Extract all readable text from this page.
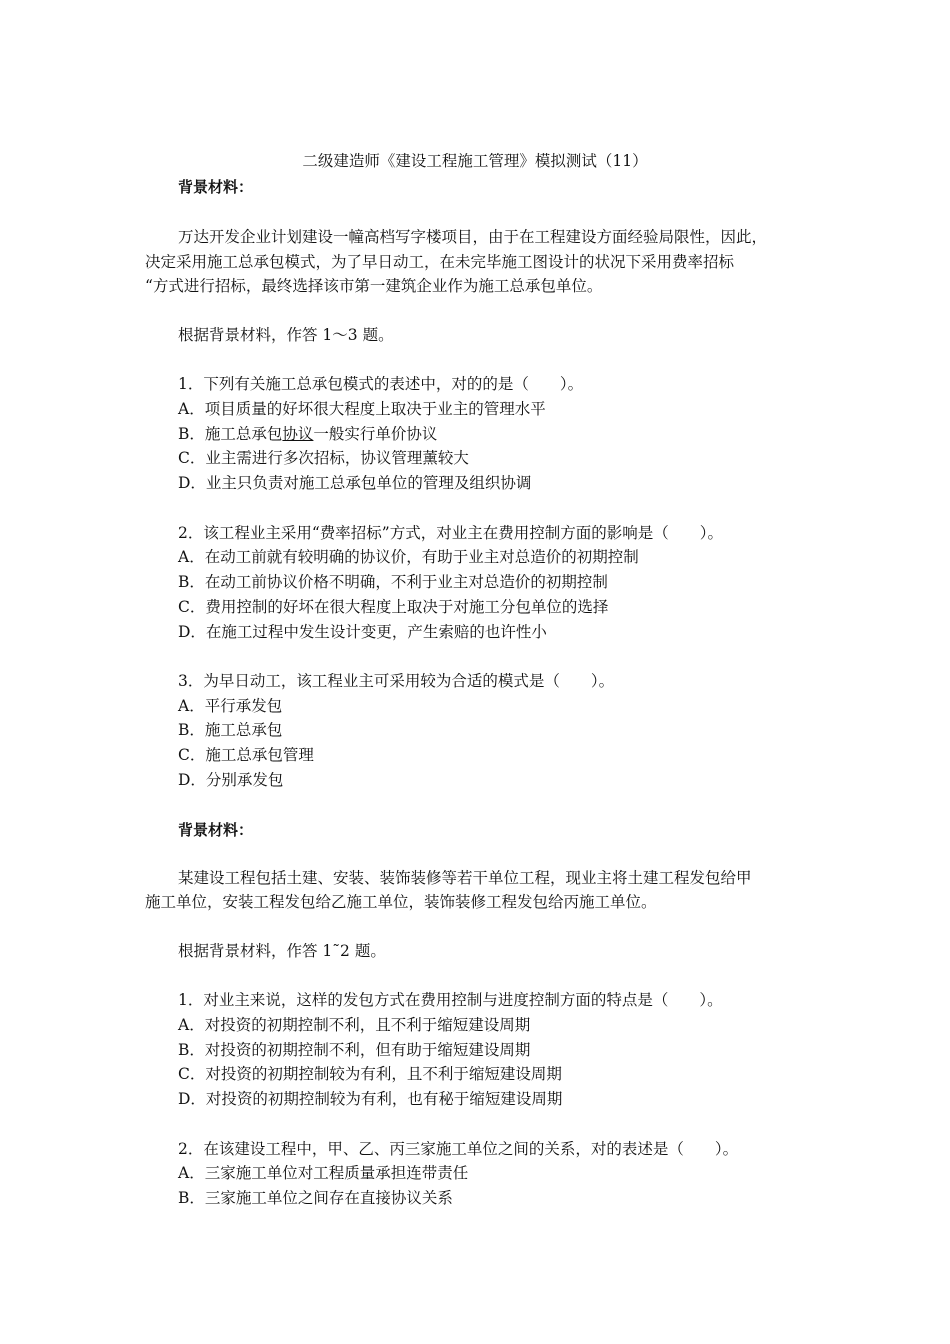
二级建造师《建设工程施工管理》模拟测试（11）
背景材料：
万达开发企业计划建设一幢高档写字楼项目，由于在工程建设方面经验局限性，因此，
决定采用施工总承包模式，为了早日动工，在未完毕施工图设计的状况下采用费率招标
“方式进行招标，最终选择该市第一建筑企业作为施工总承包单位。
根据背景材料，作答 1～3 题。
1．下列有关施工总承包模式的表述中，对的的是（　　）。
A．项目质量的好坏很大程度上取决于业主的管理水平
B．施工总承包协议一般实行单价协议
C．业主需进行多次招标，协议管理薰较大
D．业主只负责对施工总承包单位的管理及组织协调
2．该工程业主采用“费率招标”方式，对业主在费用控制方面的影响是（　　）。
A．在动工前就有较明确的协议价，有助于业主对总造价的初期控制
B．在动工前协议价格不明确，不利于业主对总造价的初期控制
C．费用控制的好坏在很大程度上取决于对施工分包单位的选择
D．在施工过程中发生设计变更，产生索赔的也许性小
3．为早日动工，该工程业主可采用较为合适的模式是（　　）。
A．平行承发包
B．施工总承包
C．施工总承包管理
D．分别承发包
背景材料：
某建设工程包括土建、安装、装饰装修等若干单位工程，现业主将土建工程发包给甲
施工单位，安装工程发包给乙施工单位，装饰装修工程发包给丙施工单位。
根据背景材料，作答 1˜2 题。
1．对业主来说，这样的发包方式在费用控制与进度控制方面的特点是（　　）。
A．对投资的初期控制不利，且不利于缩短建设周期
B．对投资的初期控制不利，但有助于缩短建设周期
C．对投资的初期控制较为有利，且不利于缩短建设周期
D．对投资的初期控制较为有利，也有秘于缩短建设周期
2．在该建设工程中，甲、乙、丙三家施工单位之间的关系，对的表述是（　　）。
A．三家施工单位对工程质量承担连带责任
B．三家施工单位之间存在直接协议关系
